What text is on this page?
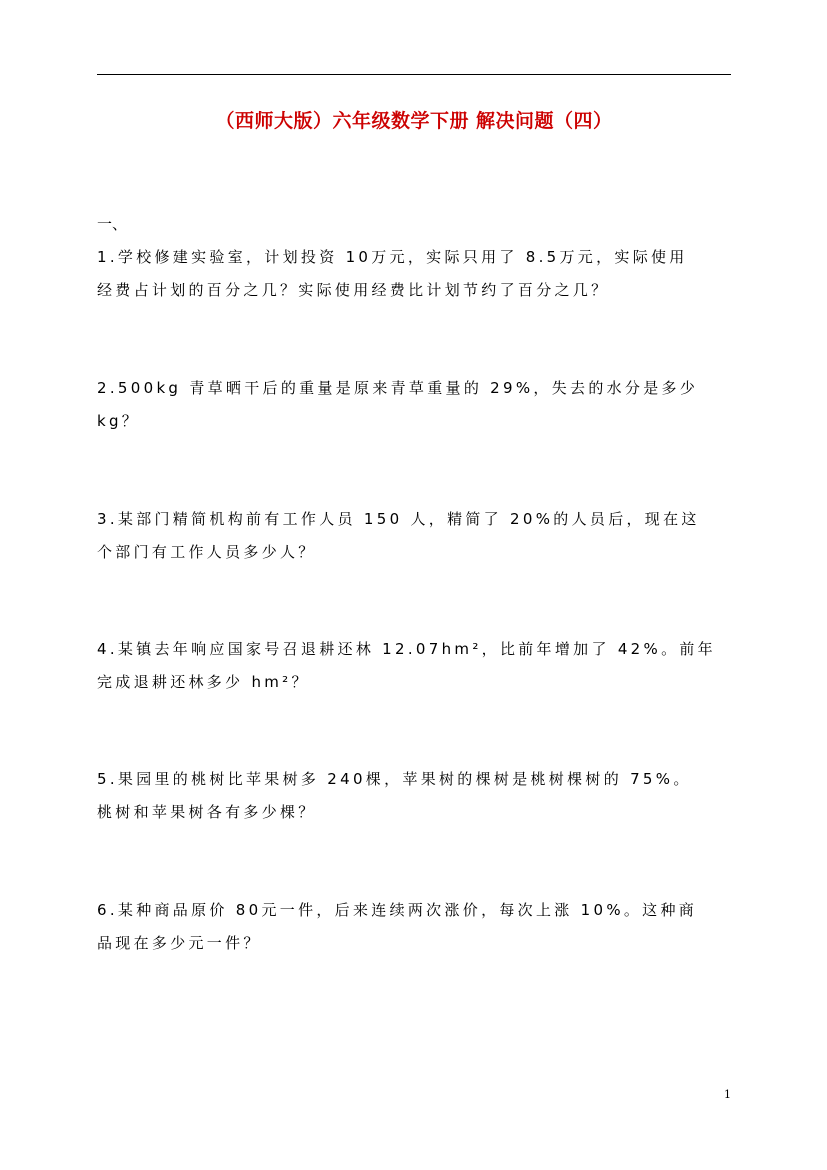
（西师大版）六年级数学下册 解决问题（四）
一、
1.学校修建实验室，计划投资 10万元，实际只用了 8.5万元，实际使用
经费占计划的百分之几？实际使用经费比计划节约了百分之几？
2.500kg 青草晒干后的重量是原来青草重量的 29%，失去的水分是多少
kg？
3.某部门精简机构前有工作人员 150 人，精简了 20%的人员后，现在这
个部门有工作人员多少人？
4.某镇去年响应国家号召退耕还林 12.07hm²，比前年增加了 42%。前年
完成退耕还林多少 hm²？
5.果园里的桃树比苹果树多 240棵，苹果树的棵树是桃树棵树的 75%。
桃树和苹果树各有多少棵？
6.某种商品原价 80元一件，后来连续两次涨价，每次上涨 10%。这种商
品现在多少元一件？
1
